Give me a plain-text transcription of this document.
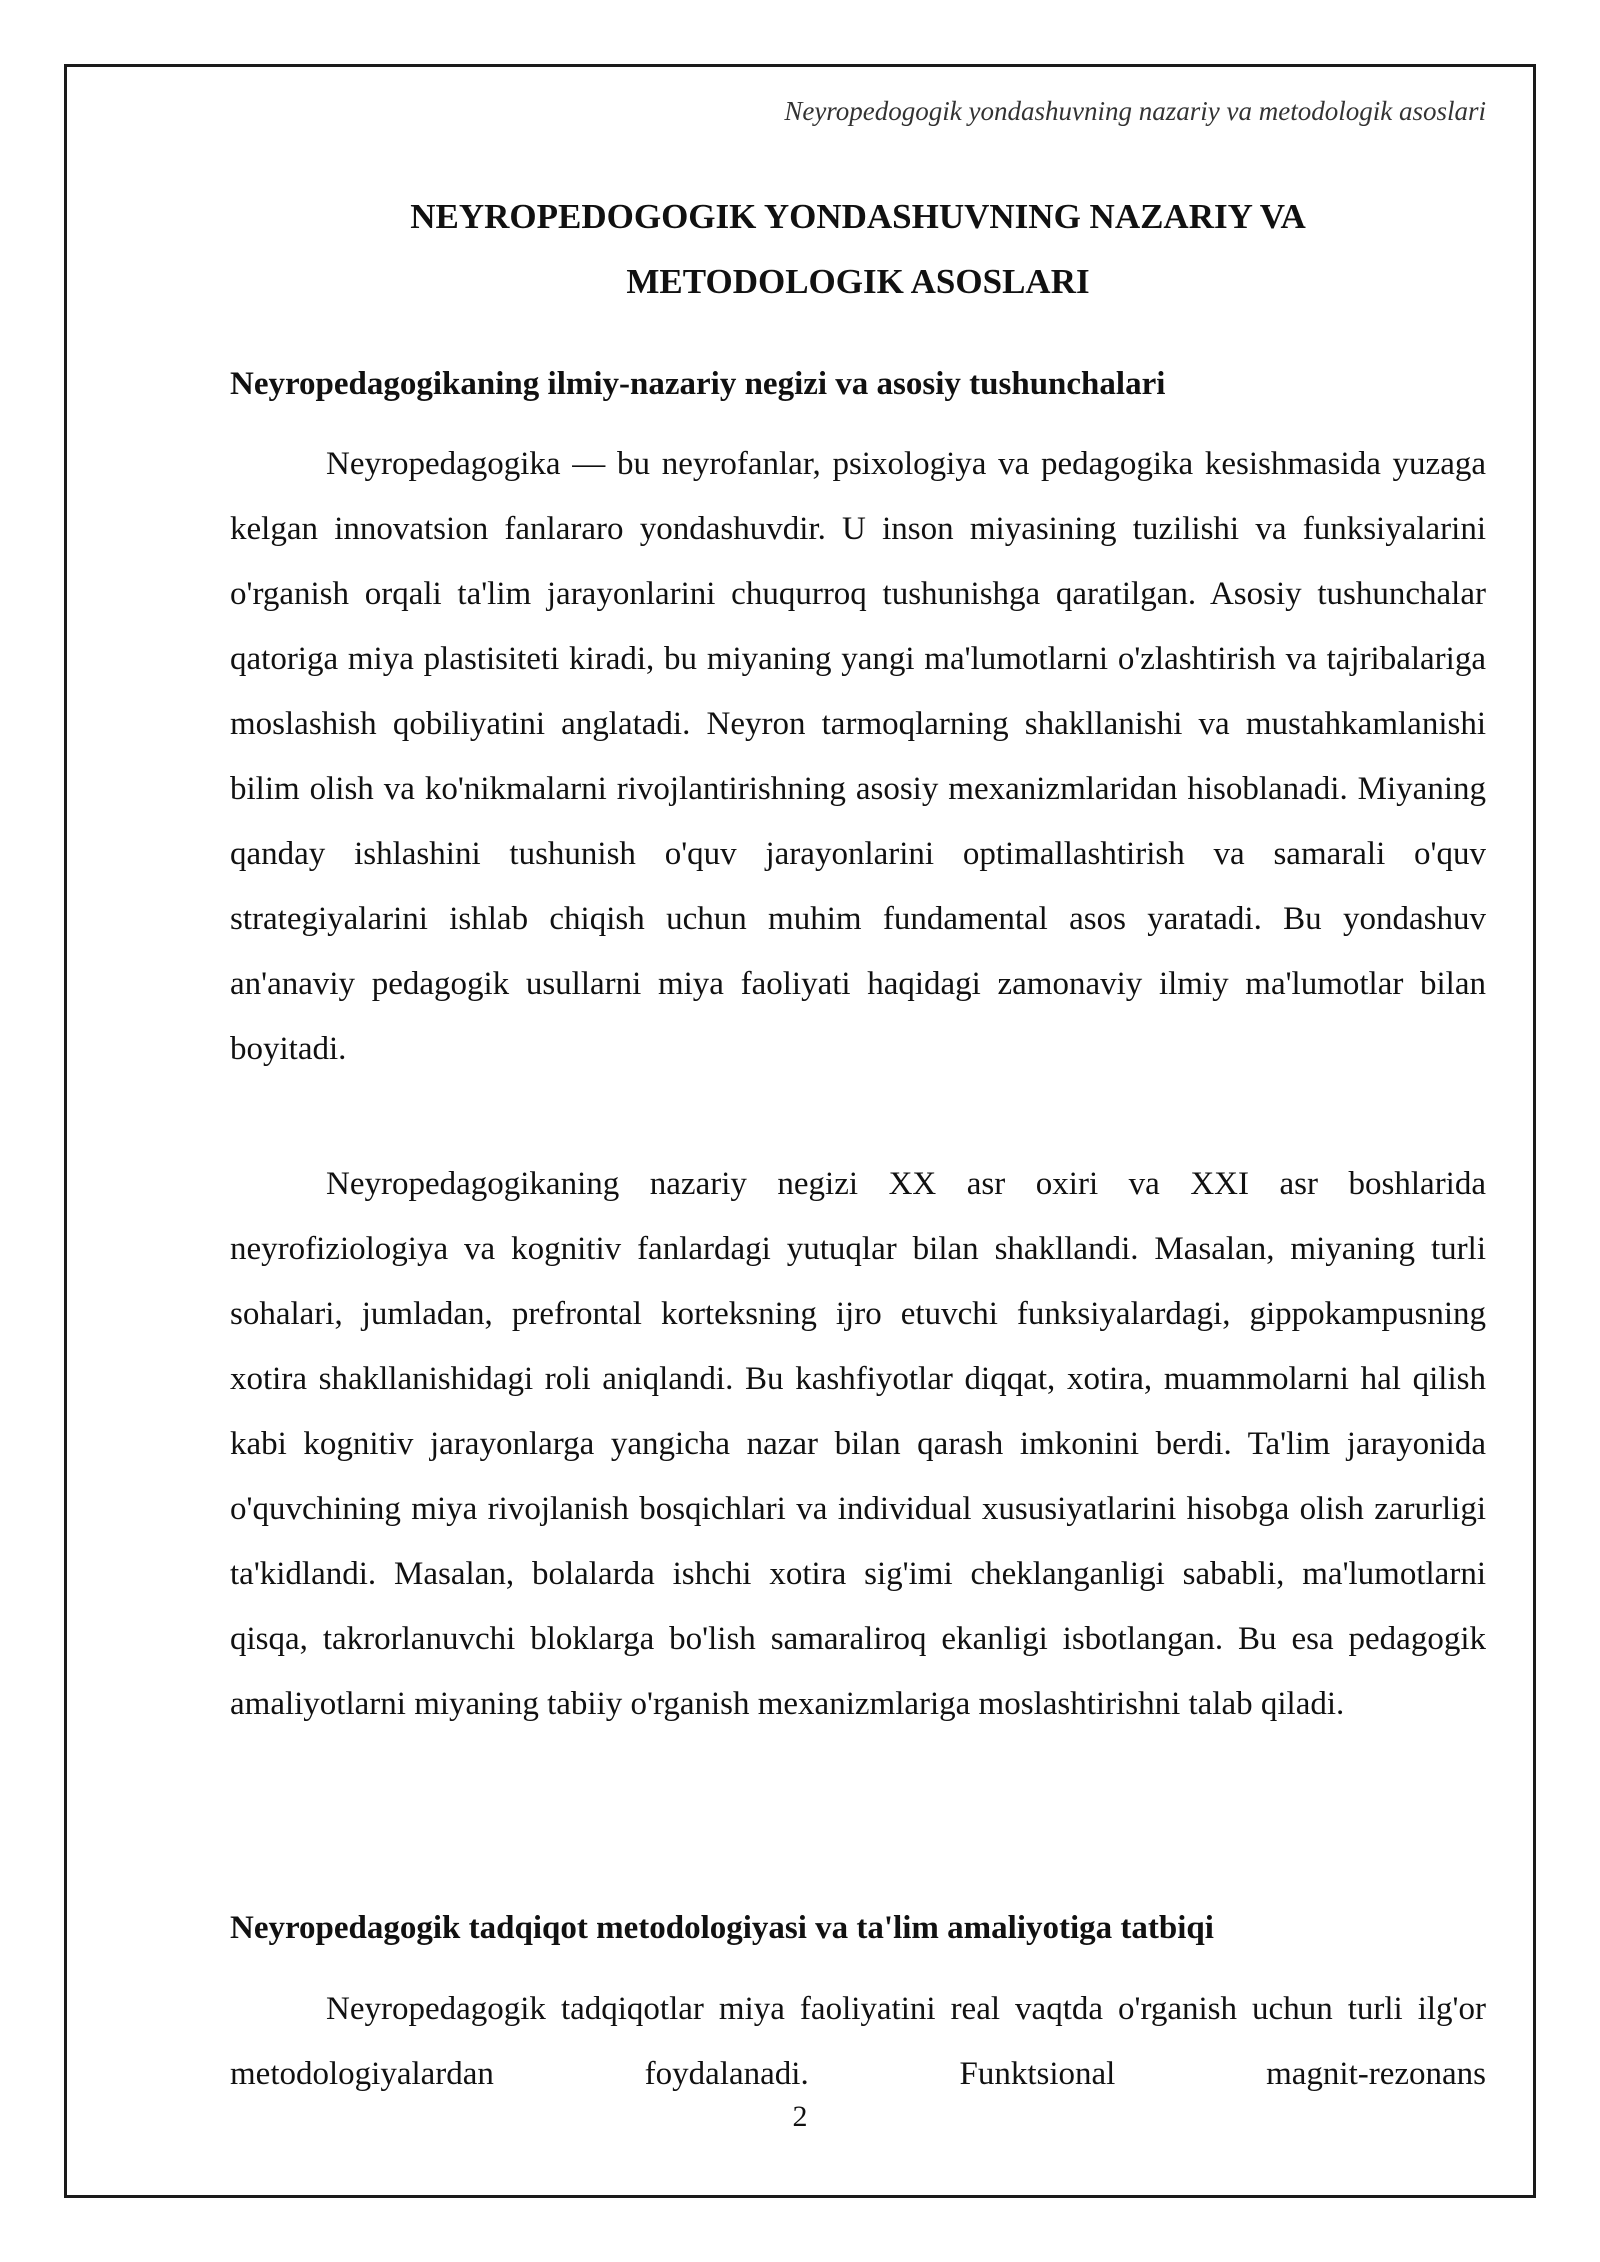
Neyropedogogik yondashuvning nazariy va metodologik asoslari
NEYROPEDOGOGIK YONDASHUVNING NAZARIY VA
METODOLOGIK ASOSLARI
Neyropedagogikaning ilmiy-nazariy negizi va asosiy tushunchalari

Neyropedagogika — bu neyrofanlar, psixologiya va pedagogika kesishmasida yuzaga kelgan innovatsion fanlararo yondashuvdir. U inson miyasining tuzilishi va funksiyalarini o'rganish orqali ta'lim jarayonlarini chuqurroq tushunishga qaratilgan. Asosiy tushunchalar qatoriga miya plastisiteti kiradi, bu miyaning yangi ma'lumotlarni o'zlashtirish va tajribalariga moslashish qobiliyatini anglatadi. Neyron tarmoqlarning shakllanishi va mustahkamlanishi bilim olish va ko'nikmalarni rivojlantirishning asosiy mexanizmlaridan hisoblanadi. Miyaning qanday ishlashini tushunish o'quv jarayonlarini optimallashtirish va samarali o'quv strategiyalarini ishlab chiqish uchun muhim fundamental asos yaratadi. Bu yondashuv an'anaviy pedagogik usullarni miya faoliyati haqidagi zamonaviy ilmiy ma'lumotlar bilan boyitadi.

Neyropedagogikaning nazariy negizi XX asr oxiri va XXI asr boshlarida neyrofiziologiya va kognitiv fanlardagi yutuqlar bilan shakllandi. Masalan, miyaning turli sohalari, jumladan, prefrontal korteksning ijro etuvchi funksiyalardagi, gippokampusning xotira shakllanishidagi roli aniqlandi. Bu kashfiyotlar diqqat, xotira, muammolarni hal qilish kabi kognitiv jarayonlarga yangicha nazar bilan qarash imkonini berdi. Ta'lim jarayonida o'quvchining miya rivojlanish bosqichlari va individual xususiyatlarini hisobga olish zarurligi ta'kidlandi. Masalan, bolalarda ishchi xotira sig'imi cheklanganligi sababli, ma'lumotlarni qisqa, takrorlanuvchi bloklarga bo'lish samaraliroq ekanligi isbotlangan. Bu esa pedagogik amaliyotlarni miyaning tabiiy o'rganish mexanizmlariga moslashtirishni talab qiladi.

Neyropedagogik tadqiqot metodologiyasi va ta'lim amaliyotiga tatbiqi

Neyropedagogik tadqiqotlar miya faoliyatini real vaqtda o'rganish uchun turli ilg'or metodologiyalardan foydalanadi. Funktsional magnit-rezonans

2
